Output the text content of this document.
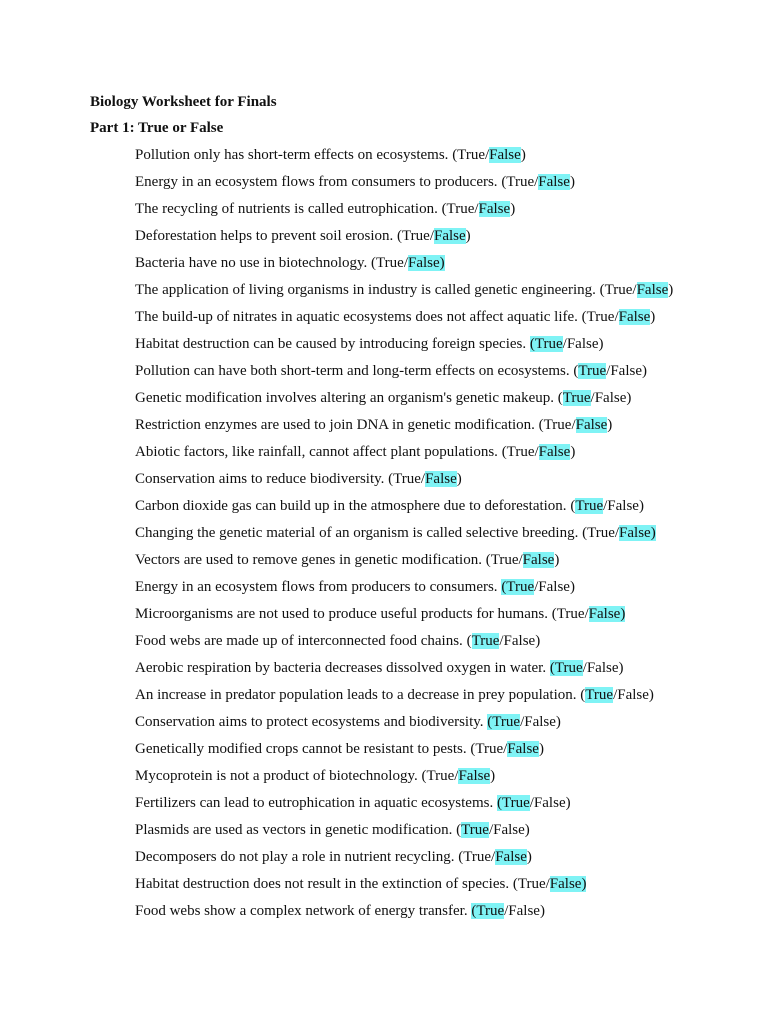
Biology Worksheet for Finals
Part 1: True or False
Pollution only has short-term effects on ecosystems. (True/False)
Energy in an ecosystem flows from consumers to producers. (True/False)
The recycling of nutrients is called eutrophication. (True/False)
Deforestation helps to prevent soil erosion. (True/False)
Bacteria have no use in biotechnology. (True/False)
The application of living organisms in industry is called genetic engineering. (True/False)
The build-up of nitrates in aquatic ecosystems does not affect aquatic life. (True/False)
Habitat destruction can be caused by introducing foreign species. (True/False)
Pollution can have both short-term and long-term effects on ecosystems. (True/False)
Genetic modification involves altering an organism's genetic makeup. (True/False)
Restriction enzymes are used to join DNA in genetic modification. (True/False)
Abiotic factors, like rainfall, cannot affect plant populations. (True/False)
Conservation aims to reduce biodiversity. (True/False)
Carbon dioxide gas can build up in the atmosphere due to deforestation. (True/False)
Changing the genetic material of an organism is called selective breeding. (True/False)
Vectors are used to remove genes in genetic modification. (True/False)
Energy in an ecosystem flows from producers to consumers. (True/False)
Microorganisms are not used to produce useful products for humans. (True/False)
Food webs are made up of interconnected food chains. (True/False)
Aerobic respiration by bacteria decreases dissolved oxygen in water. (True/False)
An increase in predator population leads to a decrease in prey population. (True/False)
Conservation aims to protect ecosystems and biodiversity. (True/False)
Genetically modified crops cannot be resistant to pests. (True/False)
Mycoprotein is not a product of biotechnology. (True/False)
Fertilizers can lead to eutrophication in aquatic ecosystems. (True/False)
Plasmids are used as vectors in genetic modification. (True/False)
Decomposers do not play a role in nutrient recycling. (True/False)
Habitat destruction does not result in the extinction of species. (True/False)
Food webs show a complex network of energy transfer. (True/False)
